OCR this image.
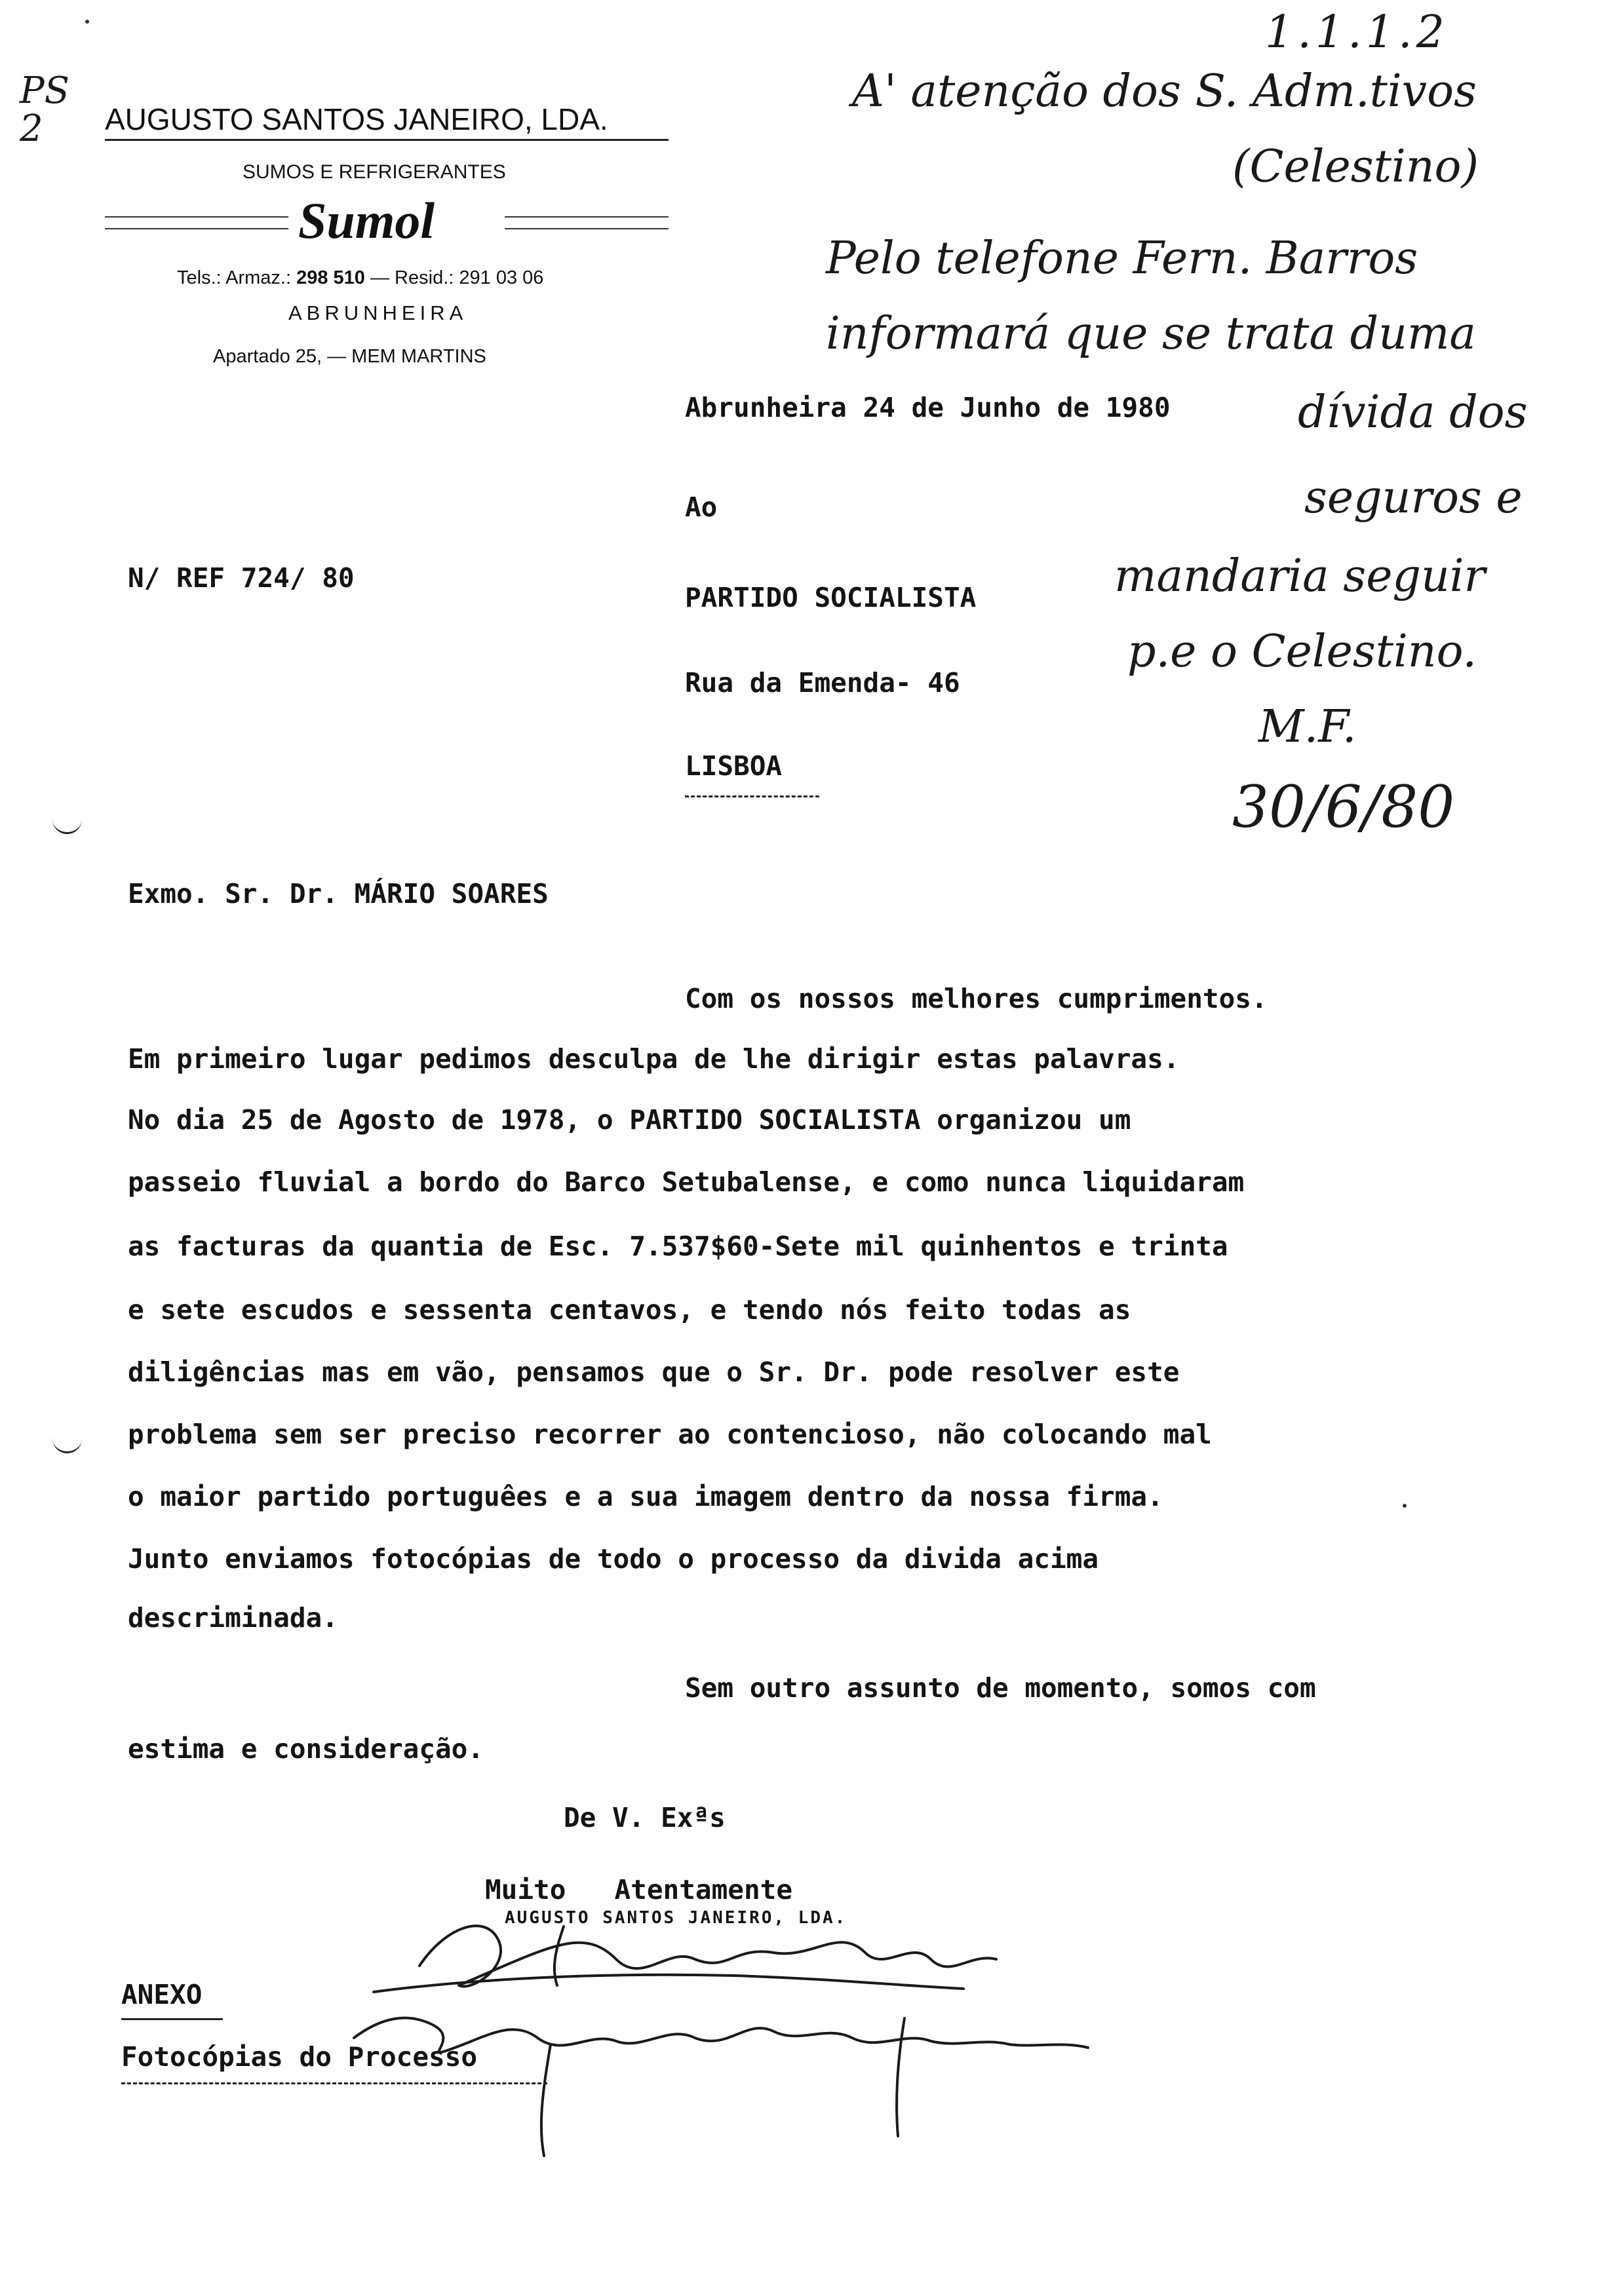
AUGUSTO SANTOS JANEIRO, LDA.
SUMOS E REFRIGERANTES
Sumol
Tels.: Armaz.: 298 510 — Resid.: 291 03 06
ABRUNHEIRA
Apartado 25, — MEM MARTINS
PS
2
1.1.1.2
A' atenção dos S. Adm.tivos
(Celestino)
Pelo telefone Fern. Barros
informará que se trata duma
dívida dos
seguros e
mandaria seguir
p.e o Celestino.
M.F.
30/6/80
Abrunheira 24 de Junho de 1980
Ao
N/ REF 724/ 80
PARTIDO SOCIALISTA
Rua da Emenda- 46
LISBOA
Exmo. Sr. Dr. MÁRIO SOARES
Com os nossos melhores cumprimentos.
Em primeiro lugar pedimos desculpa de lhe dirigir estas palavras.
No dia 25 de Agosto de 1978, o PARTIDO SOCIALISTA organizou um
passeio fluvial a bordo do Barco Setubalense, e como nunca liquidaram
as facturas da quantia de Esc. 7.537$60-Sete mil quinhentos e trinta
e sete escudos e sessenta centavos, e tendo nós feito todas as
diligências mas em vão, pensamos que o Sr. Dr. pode resolver este
problema sem ser preciso recorrer ao contencioso, não colocando mal
o maior partido portuguêes e a sua imagem dentro da nossa firma.
Junto enviamos fotocópias de todo o processo da divida acima
descriminada.
Sem outro assunto de momento, somos com
estima e consideração.
De V. Exªs
Muito   Atentamente
AUGUSTO SANTOS JANEIRO, LDA.
ANEXO
Fotocópias do Processo
